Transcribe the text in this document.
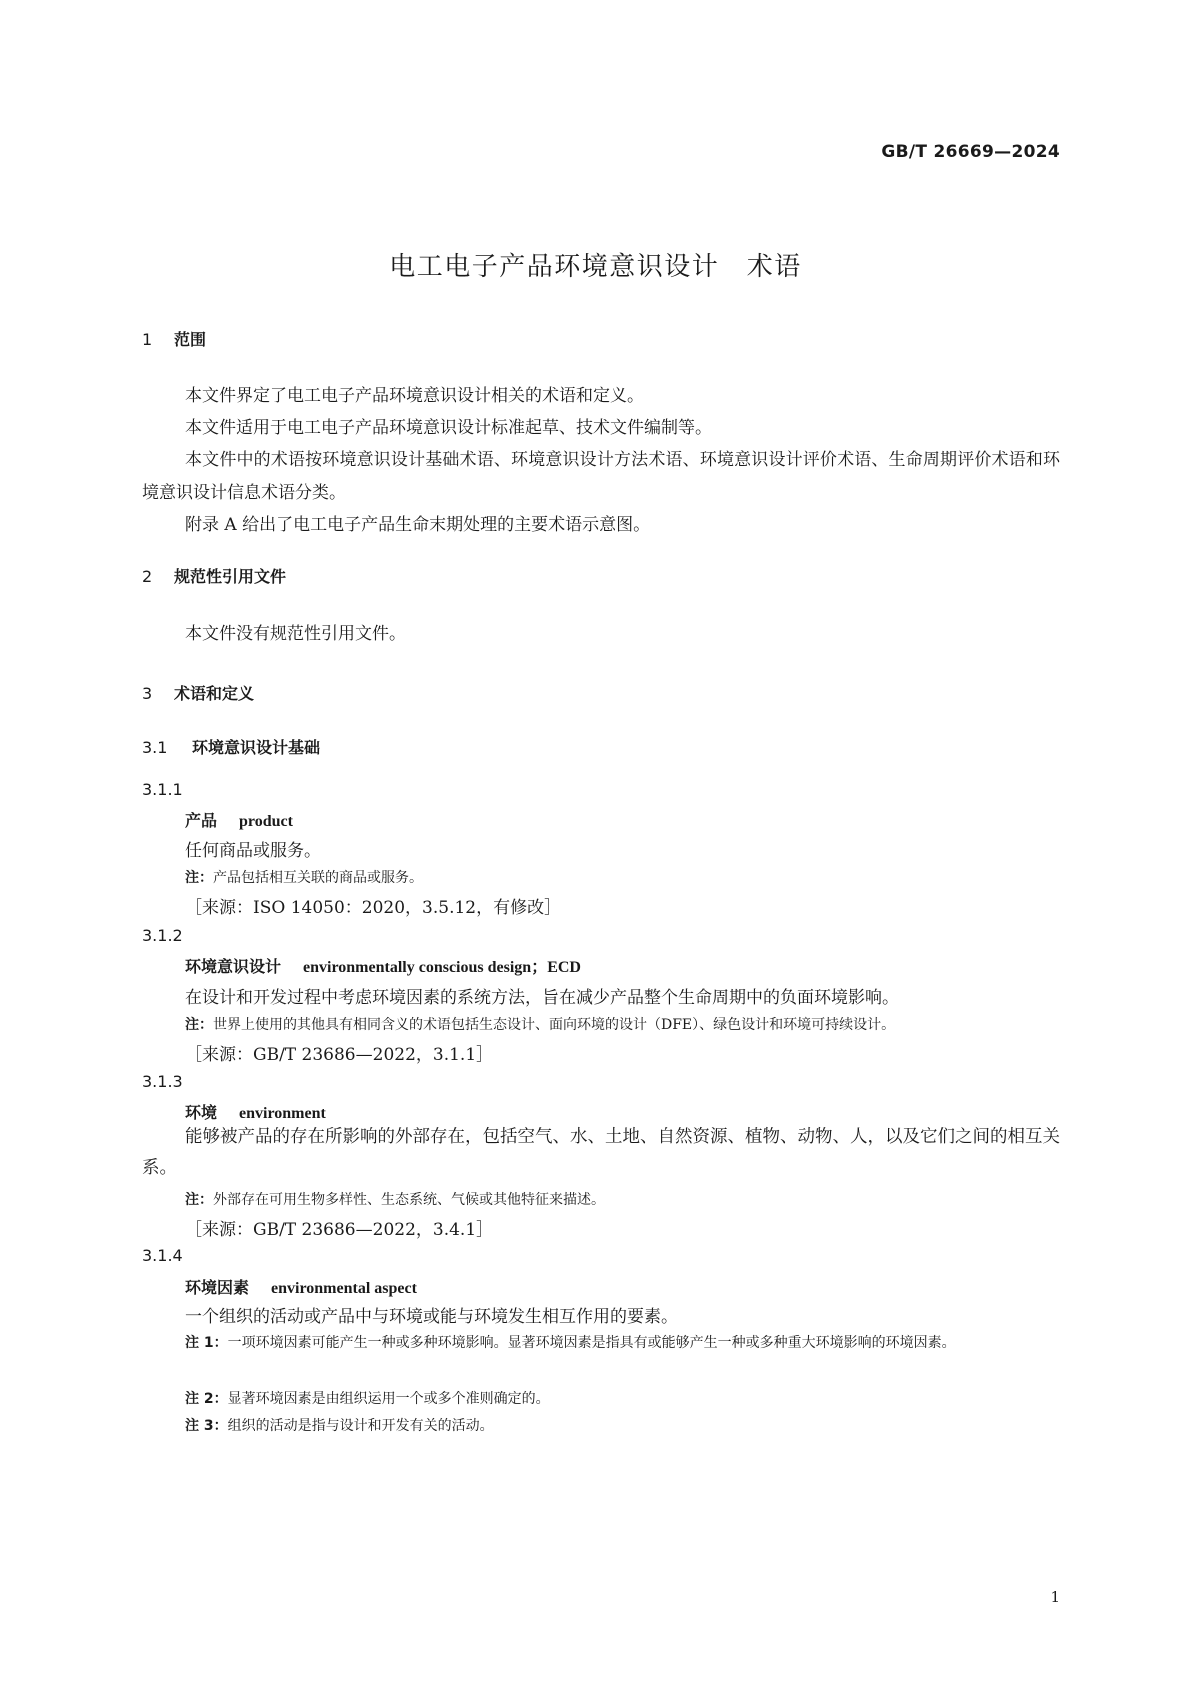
GB/T 26669—2024
电工电子产品环境意识设计　术语
1 范围
本文件界定了电工电子产品环境意识设计相关的术语和定义。
本文件适用于电工电子产品环境意识设计标准起草、技术文件编制等。
本文件中的术语按环境意识设计基础术语、环境意识设计方法术语、环境意识设计评价术语、生命周期评价术语和环境意识设计信息术语分类。
附录 A 给出了电工电子产品生命末期处理的主要术语示意图。
2 规范性引用文件
本文件没有规范性引用文件。
3 术语和定义
3.1 环境意识设计基础
3.1.1
产品 product
任何商品或服务。
注：产品包括相互关联的商品或服务。
［来源：ISO 14050：2020，3.5.12，有修改］
3.1.2
环境意识设计 environmentally conscious design；ECD
在设计和开发过程中考虑环境因素的系统方法，旨在减少产品整个生命周期中的负面环境影响。
注：世界上使用的其他具有相同含义的术语包括生态设计、面向环境的设计（DFE）、绿色设计和环境可持续设计。
［来源：GB/T 23686—2022，3.1.1］
3.1.3
环境 environment
能够被产品的存在所影响的外部存在，包括空气、水、土地、自然资源、植物、动物、人，以及它们之间的相互关系。
注：外部存在可用生物多样性、生态系统、气候或其他特征来描述。
［来源：GB/T 23686—2022，3.4.1］
3.1.4
环境因素 environmental aspect
一个组织的活动或产品中与环境或能与环境发生相互作用的要素。
注 1：一项环境因素可能产生一种或多种环境影响。显著环境因素是指具有或能够产生一种或多种重大环境影响的环境因素。
注 2：显著环境因素是由组织运用一个或多个准则确定的。
注 3：组织的活动是指与设计和开发有关的活动。
1
